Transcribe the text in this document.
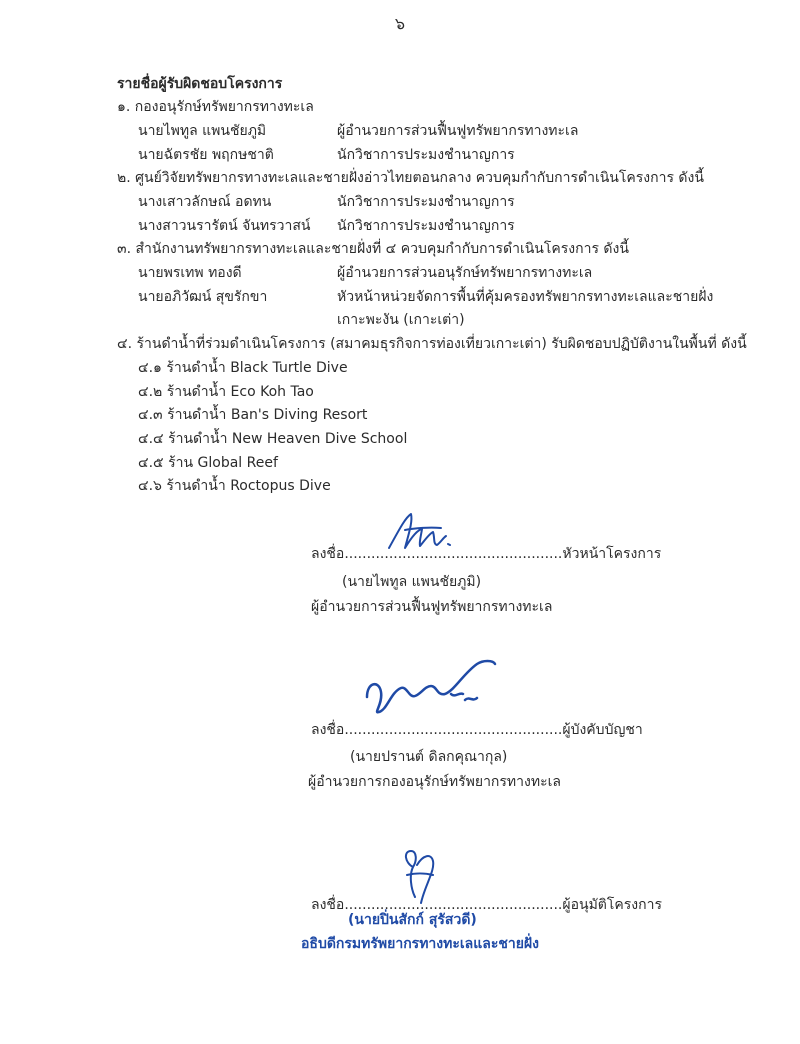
๖
รายชื่อผู้รับผิดชอบโครงการ
๑. กองอนุรักษ์ทรัพยากรทางทะเล
นายไพทูล แพนชัยภูมิ	ผู้อำนวยการส่วนฟื้นฟูทรัพยากรทางทะเล
นายฉัตรชัย พฤกษชาติ	นักวิชาการประมงชำนาญการ
๒. ศูนย์วิจัยทรัพยากรทางทะเลและชายฝั่งอ่าวไทยตอนกลาง ควบคุมกำกับการดำเนินโครงการ ดังนี้
นางเสาวลักษณ์ อดทน	นักวิชาการประมงชำนาญการ
นางสาวนรารัตน์ จันทรวาสน์ นักวิชาการประมงชำนาญการ
๓. สำนักงานทรัพยากรทางทะเลและชายฝั่งที่ ๔ ควบคุมกำกับการดำเนินโครงการ ดังนี้
นายพรเทพ ทองดี	ผู้อำนวยการส่วนอนุรักษ์ทรัพยากรทางทะเล
นายอภิวัฒน์ สุขรักขา	หัวหน้าหน่วยจัดการพื้นที่คุ้มครองทรัพยากรทางทะเลและชายฝั่ง
เกาะพะงัน (เกาะเต่า)
๔. ร้านดำน้ำที่ร่วมดำเนินโครงการ (สมาคมธุรกิจการท่องเที่ยวเกาะเต่า) รับผิดชอบปฏิบัติงานในพื้นที่ ดังนี้
๔.๑ ร้านดำน้ำ Black Turtle Dive
๔.๒ ร้านดำน้ำ Eco Koh Tao
๔.๓ ร้านดำน้ำ Ban's Diving Resort
๔.๔ ร้านดำน้ำ New Heaven Dive School
๔.๕ ร้าน Global Reef
๔.๖ ร้านดำน้ำ Roctopus Dive
ลงชื่อ.................................................หัวหน้าโครงการ
(นายไพทูล แพนชัยภูมิ)
ผู้อำนวยการส่วนฟื้นฟูทรัพยากรทางทะเล
ลงชื่อ.................................................ผู้บังคับบัญชา
(นายปรานต์ ดิลกคุณากุล)
ผู้อำนวยการกองอนุรักษ์ทรัพยากรทางทะเล
ลงชื่อ.................................................ผู้อนุมัติโครงการ
(นายปิ่นสักก์ สุรัสวดี)
อธิบดีกรมทรัพยากรทางทะเลและชายฝั่ง
